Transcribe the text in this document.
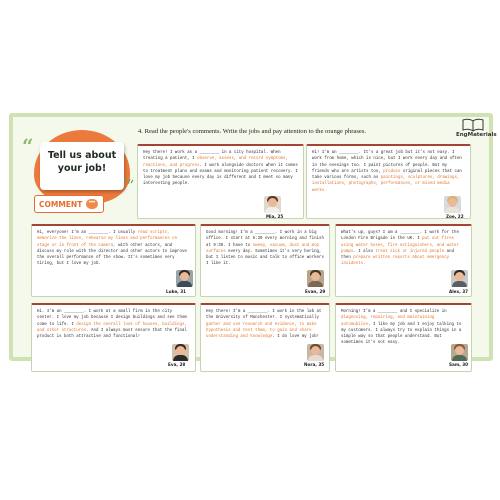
EngMaterials
“	Tell us about
your job!
COMMENT	•••
4. Read the people's comments. Write the jobs and pay attention to the orange phrases.
Hey there! I work as a ________ in a city hospital. When treating a patient, I observe, assess, and record symptoms, reactions, and progress. I work alongside doctors when it comes to treatment plans and exams and monitoring patient recovery. I love my job because every day is different and I meet so many interesting people.
Mia, 25
Hi! I'm an ________. It's a great job but it's not easy. I work from home, which is nice, but I work every day and often in the evenings too. I paint pictures of people. But my friends who are artists too, produce original pieces that can take various forms, such as paintings, sculptures, drawings, installations, photographs, performances, or mixed media works.
Zoe, 22
Hi, everyone! I'm an ________. I usually read scripts, memorize the lines, rehearse my lines and performances on stage or in front of the camera, with other actors, and discuss my role with the director and other actors to improve the overall performance of the show. It's sometimes very tiring, but I love my job.
Luke, 31
Good morning! I'm a ________. I work in a big office. I start at 6:30 every morning and finish at 9:30. I have to sweep, vacuum, dust and mop surfaces every day. Sometimes it's very boring, but I listen to music and talk to office workers I like it.
Evan, 29
What's up, guys? I am a ________. I work for the London Fire Brigade in the UK. I put out fires using water hoses, fire extinguishers, and water pumps. I also treat sick or injured people and then prepare written reports about emergency incidents.
Alex, 37
Hi. I'm an ________. I work at a small firm in the city center. I love my job because I design buildings and see them come to life. I design the overall look of houses, buildings, and other structures. And I always must ensure that the final product is both attractive and functional!
Eva, 28
Hey there! I'm a ________. I work in the lab at the University of Manchester. I systematically gather and use research and evidence, to make hypothesis and test them, to gain and share understanding and knowledge. I do love my job!
Nora, 35
Morning! I'm a ________ and I specialize in diagnosing, repairing, and maintaining automobiles. I like my job and I enjoy talking to my customers. I always try to explain things in a simple way so that people understand. But sometimes it's not easy.
Sam, 30
